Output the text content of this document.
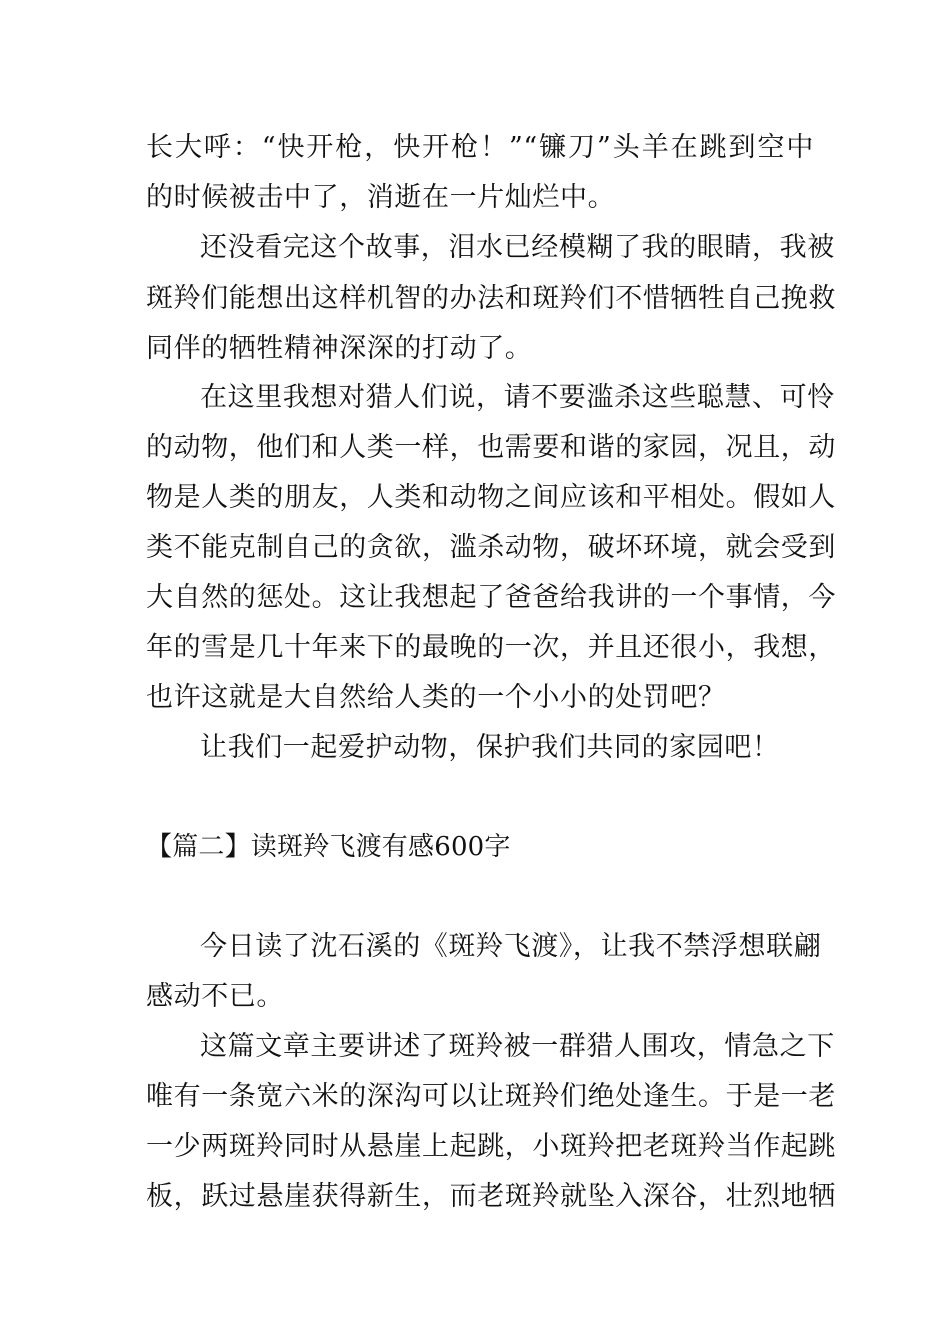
长大呼：“快开枪，快开枪！”“镰刀”头羊在跳到空中
的时候被击中了，消逝在一片灿烂中。
还没看完这个故事，泪水已经模糊了我的眼睛，我被
斑羚们能想出这样机智的办法和斑羚们不惜牺牲自己挽救
同伴的牺牲精神深深的打动了。
在这里我想对猎人们说，请不要滥杀这些聪慧、可怜
的动物，他们和人类一样，也需要和谐的家园，况且，动
物是人类的朋友，人类和动物之间应该和平相处。假如人
类不能克制自己的贪欲，滥杀动物，破坏环境，就会受到
大自然的惩处。这让我想起了爸爸给我讲的一个事情，今
年的雪是几十年来下的最晚的一次，并且还很小，我想，
也许这就是大自然给人类的一个小小的处罚吧？
让我们一起爱护动物，保护我们共同的家园吧！
【篇二】读斑羚飞渡有感600字
今日读了沈石溪的《斑羚飞渡》，让我不禁浮想联翩
感动不已。
这篇文章主要讲述了斑羚被一群猎人围攻，情急之下
唯有一条宽六米的深沟可以让斑羚们绝处逢生。于是一老
一少两斑羚同时从悬崖上起跳，小斑羚把老斑羚当作起跳
板，跃过悬崖获得新生，而老斑羚就坠入深谷，壮烈地牺
